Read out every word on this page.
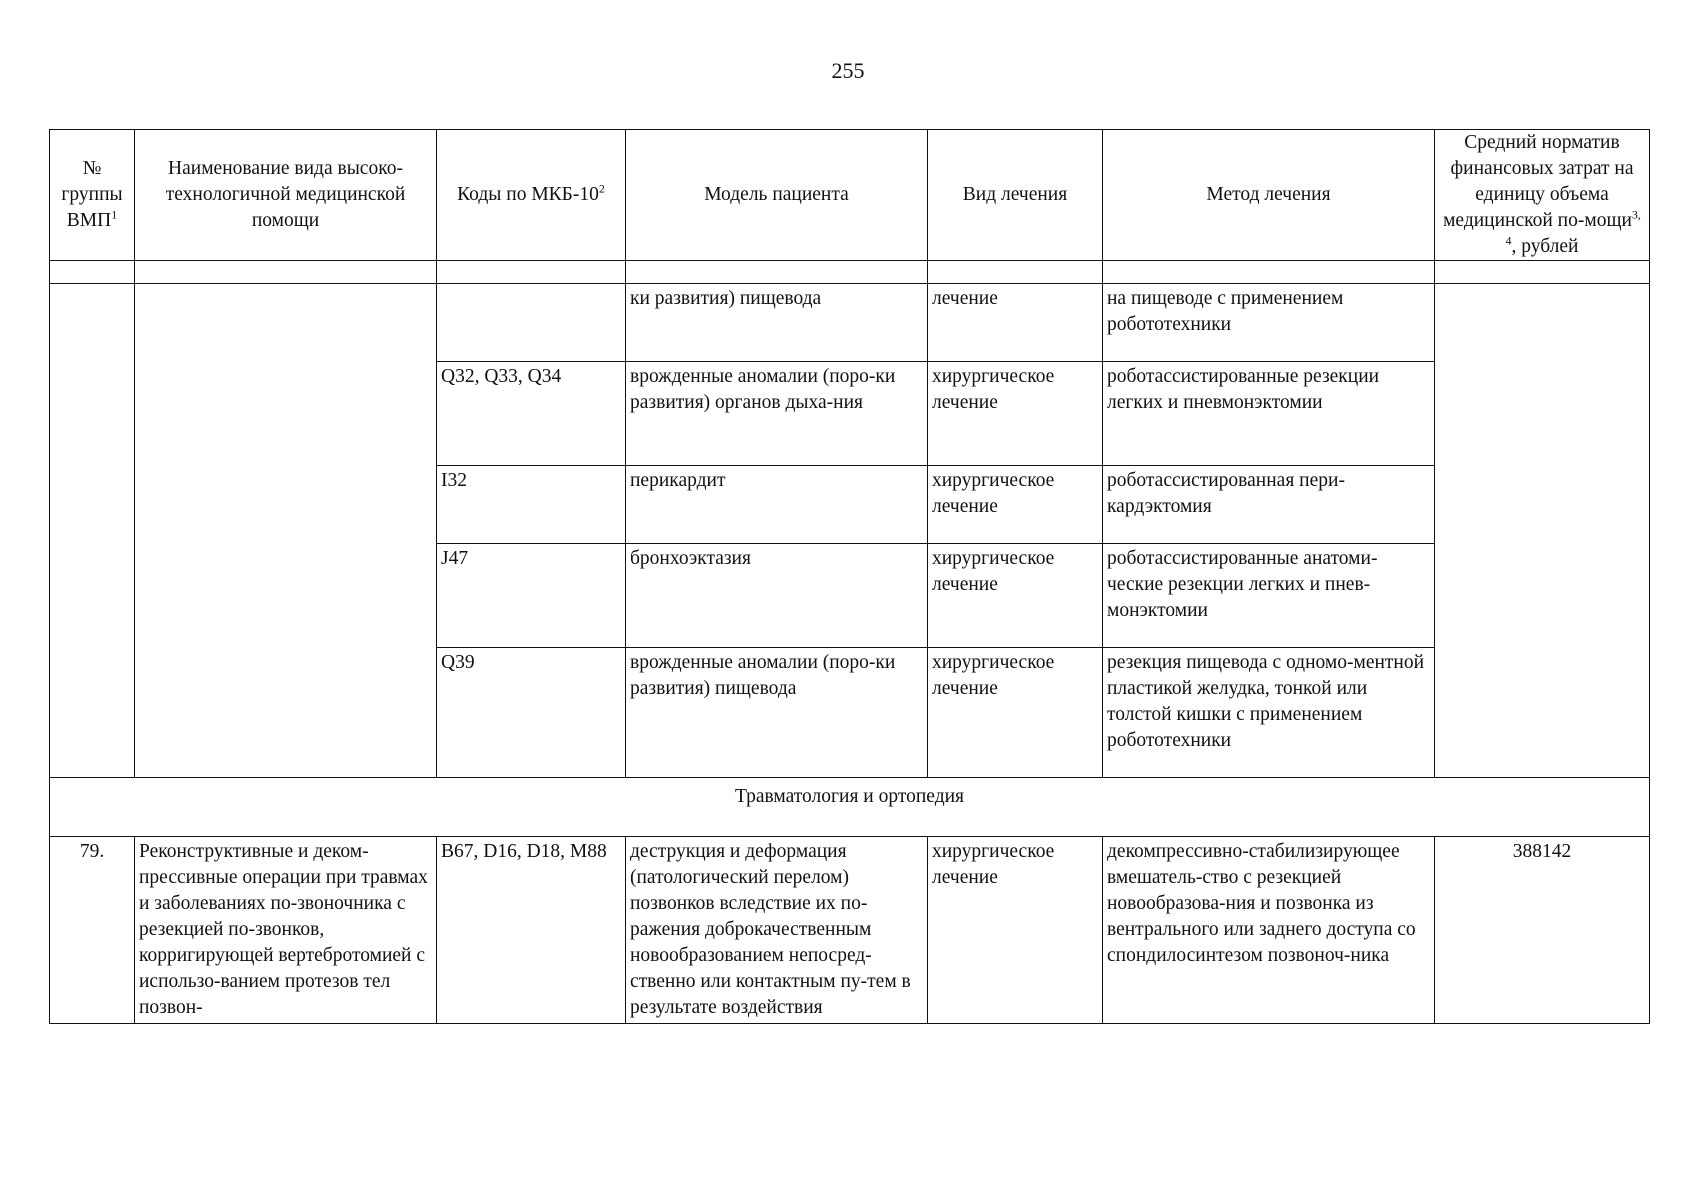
255
№ группы ВМП$^1$	Наименование вида высоко-технологичной медицинской помощи	Коды по МКБ-$10^2$	Модель пациента	Вид лечения	Метод лечения	Средний норматив финансовых затрат на единицу объема медицинской по-мощи$^{3, 4}$, рублей

			ки развития) пищевода	лечение	на пищеводе с применением робототехники	
		Q32, Q33, Q34	врожденные аномалии (поро-ки развития) органов дыха-ния	хирургическое лечение	роботассистированные резекции легких и пневмонэктомии	
		I32	перикардит	хирургическое лечение	роботассистированная пери-кардэктомия	
		J47	бронхоэктазия	хирургическое лечение	роботассистированные анатоми-ческие резекции легких и пнев-монэктомии	
		Q39	врожденные аномалии (поро-ки развития) пищевода	хирургическое лечение	резекция пищевода с одномо-ментной пластикой желудка, тонкой или толстой кишки с применением робототехники	
Травматология и ортопедия						
79.	Реконструктивные и деком-прессивные операции при травмах и заболеваниях по-звоночника с резекцией по-звонков, корригирующей вертебротомией с использо-ванием протезов тел позвон-	B67, D16, D18, M88	деструкция и деформация (патологический перелом) позвонков вследствие их по-ражения доброкачественным новообразованием непосред-ственно или контактным пу-тем в результате воздействия	хирургическое лечение	декомпрессивно-стабилизирующее вмешатель-ство с резекцией новообразова-ния и позвонка из вентрального или заднего доступа со спондилосинтезом позвоноч-ника	388142
